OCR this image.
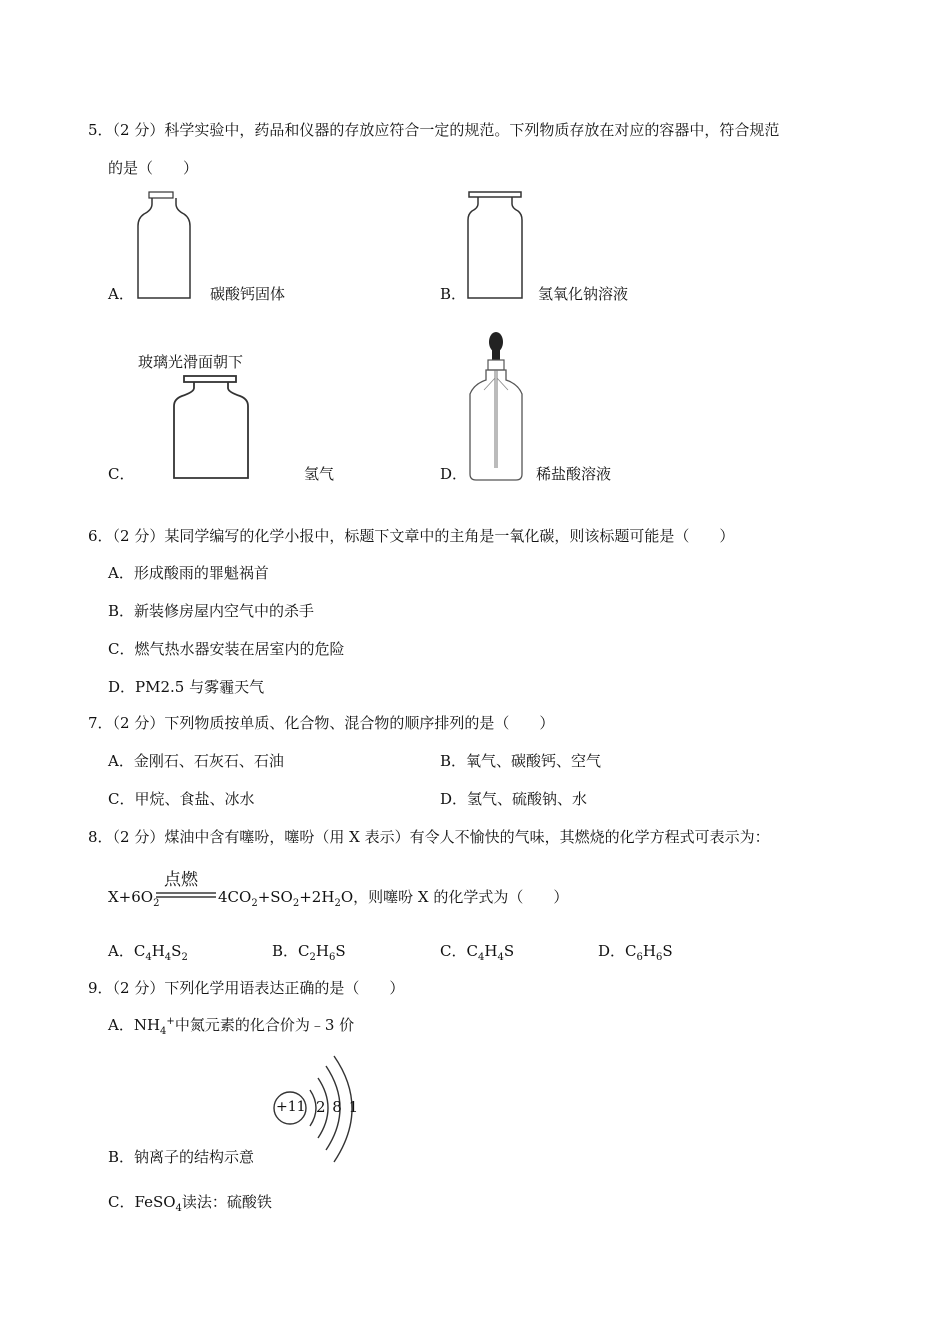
5．（2 分）科学实验中，药品和仪器的存放应符合一定的规范。下列物质存放在对应的容器中，符合规范
的是（　　）
A．	碳酸钙固体	B．	氢氧化钠溶液
玻璃光滑面朝下
C．	氢气	D．	稀盐酸溶液
6．（2 分）某同学编写的化学小报中，标题下文章中的主角是一氧化碳，则该标题可能是（　　）
A．形成酸雨的罪魁祸首
B．新装修房屋内空气中的杀手
C．燃气热水器安装在居室内的危险
D．PM2.5 与雾霾天气
7．（2 分）下列物质按单质、化合物、混合物的顺序排列的是（　　）
A．金刚石、石灰石、石油	B．氧气、碳酸钙、空气
C．甲烷、食盐、冰水	D．氢气、硫酸钠、水
8．（2 分）煤油中含有噻吩，噻吩（用 X 表示）有令人不愉快的气味，其燃烧的化学方程式可表示为：
$X+6O_2$
点燃
$4CO_2+SO_2+2H_2O$，则噻吩 X 的化学式为（　　）
A．$C_4H_4S_2$	B．$C_2H_6S$	C．$C_4H_4S$	D．$C_6H_6S$
9．（2 分）下列化学用语表达正确的是（　　）
A．$NH_4^+$中氮元素的化合价为﹣3 价
+11 2 8 1
B．钠离子的结构示意
C．FeSO$_4$读法：硫酸铁
